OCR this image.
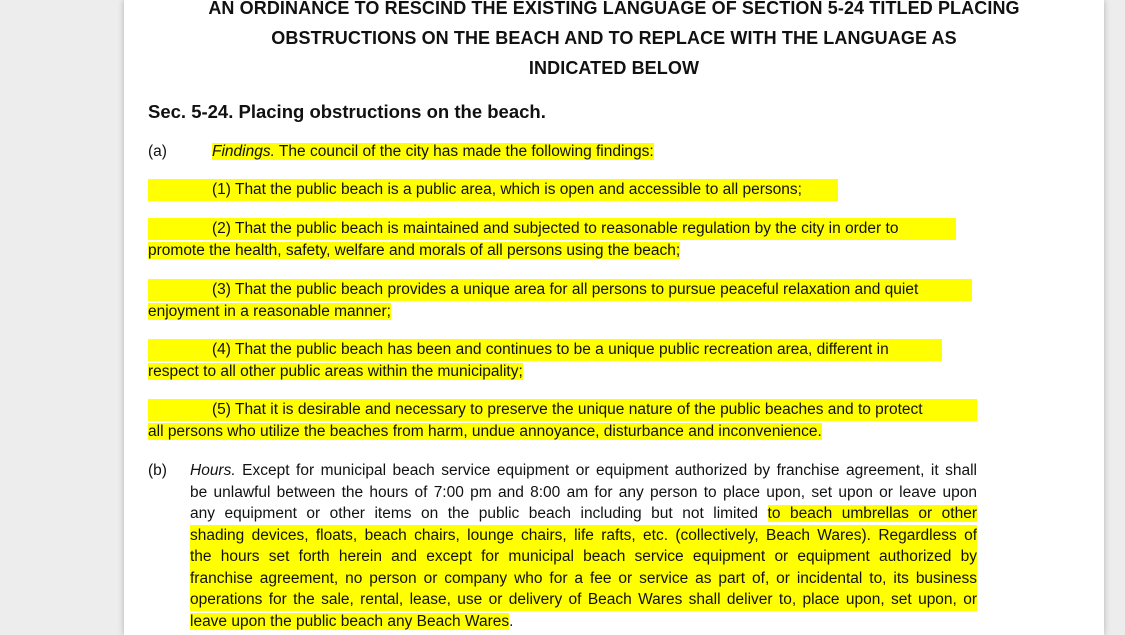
AN ORDINANCE TO RESCIND THE EXISTING LANGUAGE OF SECTION 5-24 TITLED PLACING
OBSTRUCTIONS ON THE BEACH AND TO REPLACE WITH THE LANGUAGE AS
INDICATED BELOW
Sec. 5-24. Placing obstructions on the beach.
(a)	Findings. The council of the city has made the following findings:
(1) That the public beach is a public area, which is open and accessible to all persons;
(2) That the public beach is maintained and subjected to reasonable regulation by the city in order to
promote the health, safety, welfare and morals of all persons using the beach;
(3) That the public beach provides a unique area for all persons to pursue peaceful relaxation and quiet
enjoyment in a reasonable manner;
(4) That the public beach has been and continues to be a unique public recreation area, different in
respect to all other public areas within the municipality;
(5) That it is desirable and necessary to preserve the unique nature of the public beaches and to protect
all persons who utilize the beaches from harm, undue annoyance, disturbance and inconvenience.
(b) Hours. Except for municipal beach service equipment or equipment authorized by franchise agreement, it shall
be unlawful between the hours of 7:00 pm and 8:00 am for any person to place upon, set upon or leave upon
any equipment or other items on the public beach including but not limited to beach umbrellas or other
shading devices, floats, beach chairs, lounge chairs, life rafts, etc. (collectively, Beach Wares). Regardless of
the hours set forth herein and except for municipal beach service equipment or equipment authorized by
franchise agreement, no person or company who for a fee or service as part of, or incidental to, its business
operations for the sale, rental, lease, use or delivery of Beach Wares shall deliver to, place upon, set upon, or
leave upon the public beach any Beach Wares.
